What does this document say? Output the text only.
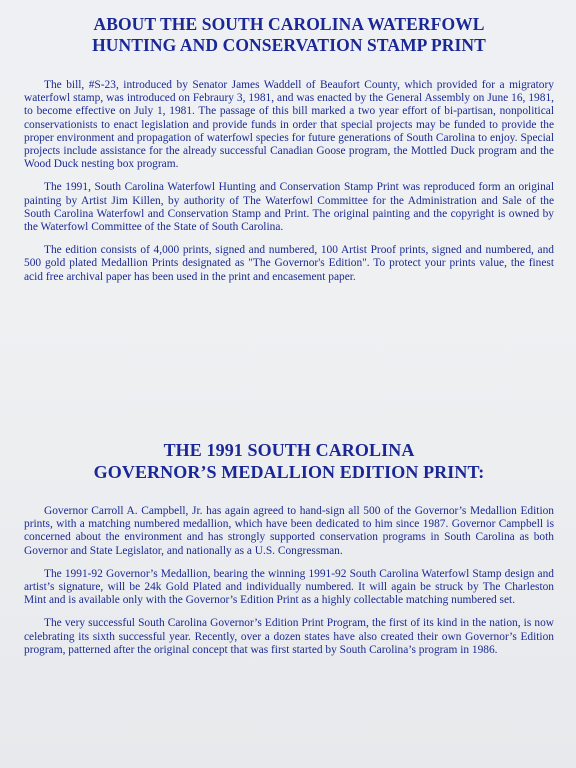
ABOUT THE SOUTH CAROLINA WATERFOWL
HUNTING AND CONSERVATION STAMP PRINT

The bill, #S-23, introduced by Senator James Waddell of Beaufort County, which provided for a migratory waterfowl stamp, was introduced on Febraury 3, 1981, and was enacted by the General Assembly on June 16, 1981, to become effective on July 1, 1981. The passage of this bill marked a two year effort of bi-partisan, nonpolitical conservationists to enact legislation and provide funds in order that special projects may be funded to provide the proper environment and propagation of waterfowl species for future generations of South Carolina to enjoy. Special projects include assistance for the already successful Canadian Goose program, the Mottled Duck program and the Wood Duck nesting box program.

The 1991, South Carolina Waterfowl Hunting and Conservation Stamp Print was reproduced form an original painting by Artist Jim Killen, by authority of The Waterfowl Committee for the Administration and Sale of the South Carolina Waterfowl and Conservation Stamp and Print. The original painting and the copyright is owned by the Waterfowl Committee of the State of South Carolina.

The edition consists of 4,000 prints, signed and numbered, 100 Artist Proof prints, signed and numbered, and 500 gold plated Medallion Prints designated as "The Governor's Edition". To protect your prints value, the finest acid free archival paper has been used in the print and encasement paper.

THE 1991 SOUTH CAROLINA
GOVERNOR’S MEDALLION EDITION PRINT:

Governor Carroll A. Campbell, Jr. has again agreed to hand-sign all 500 of the Governor’s Medallion Edition prints, with a matching numbered medallion, which have been dedicated to him since 1987. Governor Campbell is concerned about the environment and has strongly supported conservation programs in South Carolina as both Governor and State Legislator, and nationally as a U.S. Congressman.

The 1991-92 Governor’s Medallion, bearing the winning 1991-92 South Carolina Waterfowl Stamp design and artist’s signature, will be 24k Gold Plated and individually numbered. It will again be struck by The Charleston Mint and is available only with the Governor’s Edition Print as a highly collectable matching numbered set.

The very successful South Carolina Governor’s Edition Print Program, the first of its kind in the nation, is now celebrating its sixth successful year. Recently, over a dozen states have also created their own Governor’s Edition program, patterned after the original concept that was first started by South Carolina’s program in 1986.
